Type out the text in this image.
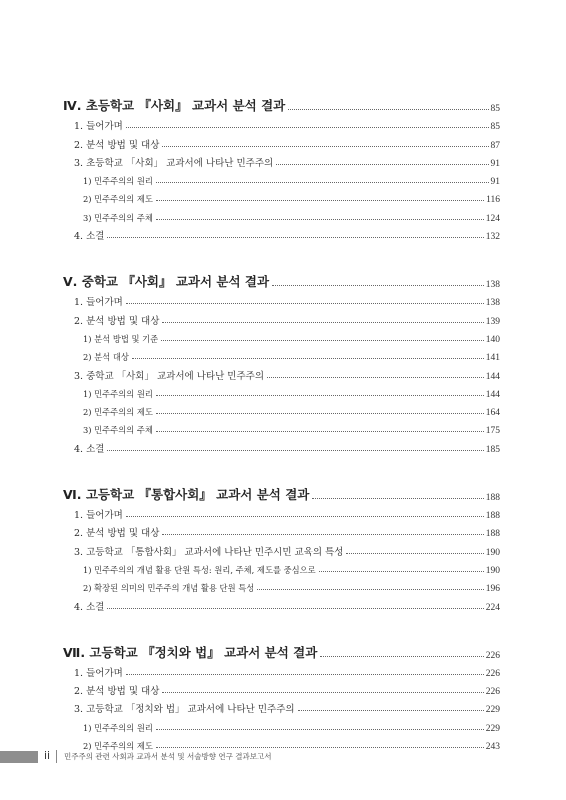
Ⅳ. 초등학교 『사회』 교과서 분석 결과	85
1. 들어가며	85
2. 분석 방법 및 대상	87
3. 초등학교 「사회」 교과서에 나타난 민주주의	91
1) 민주주의의 원리	91
2) 민주주의의 제도	116
3) 민주주의의 주체	124
4. 소결	132
Ⅴ. 중학교 『사회』 교과서 분석 결과	138
1. 들어가며	138
2. 분석 방법 및 대상	139
1) 분석 방법 및 기준	140
2) 분석 대상	141
3. 중학교 「사회」 교과서에 나타난 민주주의	144
1) 민주주의의 원리	144
2) 민주주의의 제도	164
3) 민주주의의 주체	175
4. 소결	185
Ⅵ. 고등학교 『통합사회』 교과서 분석 결과	188
1. 들어가며	188
2. 분석 방법 및 대상	188
3. 고등학교 「통합사회」 교과서에 나타난 민주시민 교육의 특성	190
1) 민주주의의 개념 활용 단원 특성: 원리, 주체, 제도를 중심으로	190
2) 확장된 의미의 민주주의 개념 활용 단원 특성	196
4. 소결	224
Ⅶ. 고등학교 『정치와 법』 교과서 분석 결과	226
1. 들어가며	226
2. 분석 방법 및 대상	226
3. 고등학교 「정치와 법」 교과서에 나타난 민주주의	229
1) 민주주의의 원리	229
2) 민주주의의 제도	243
ii 민주주의 관련 사회과 교과서 분석 및 서술방향 연구 결과보고서
